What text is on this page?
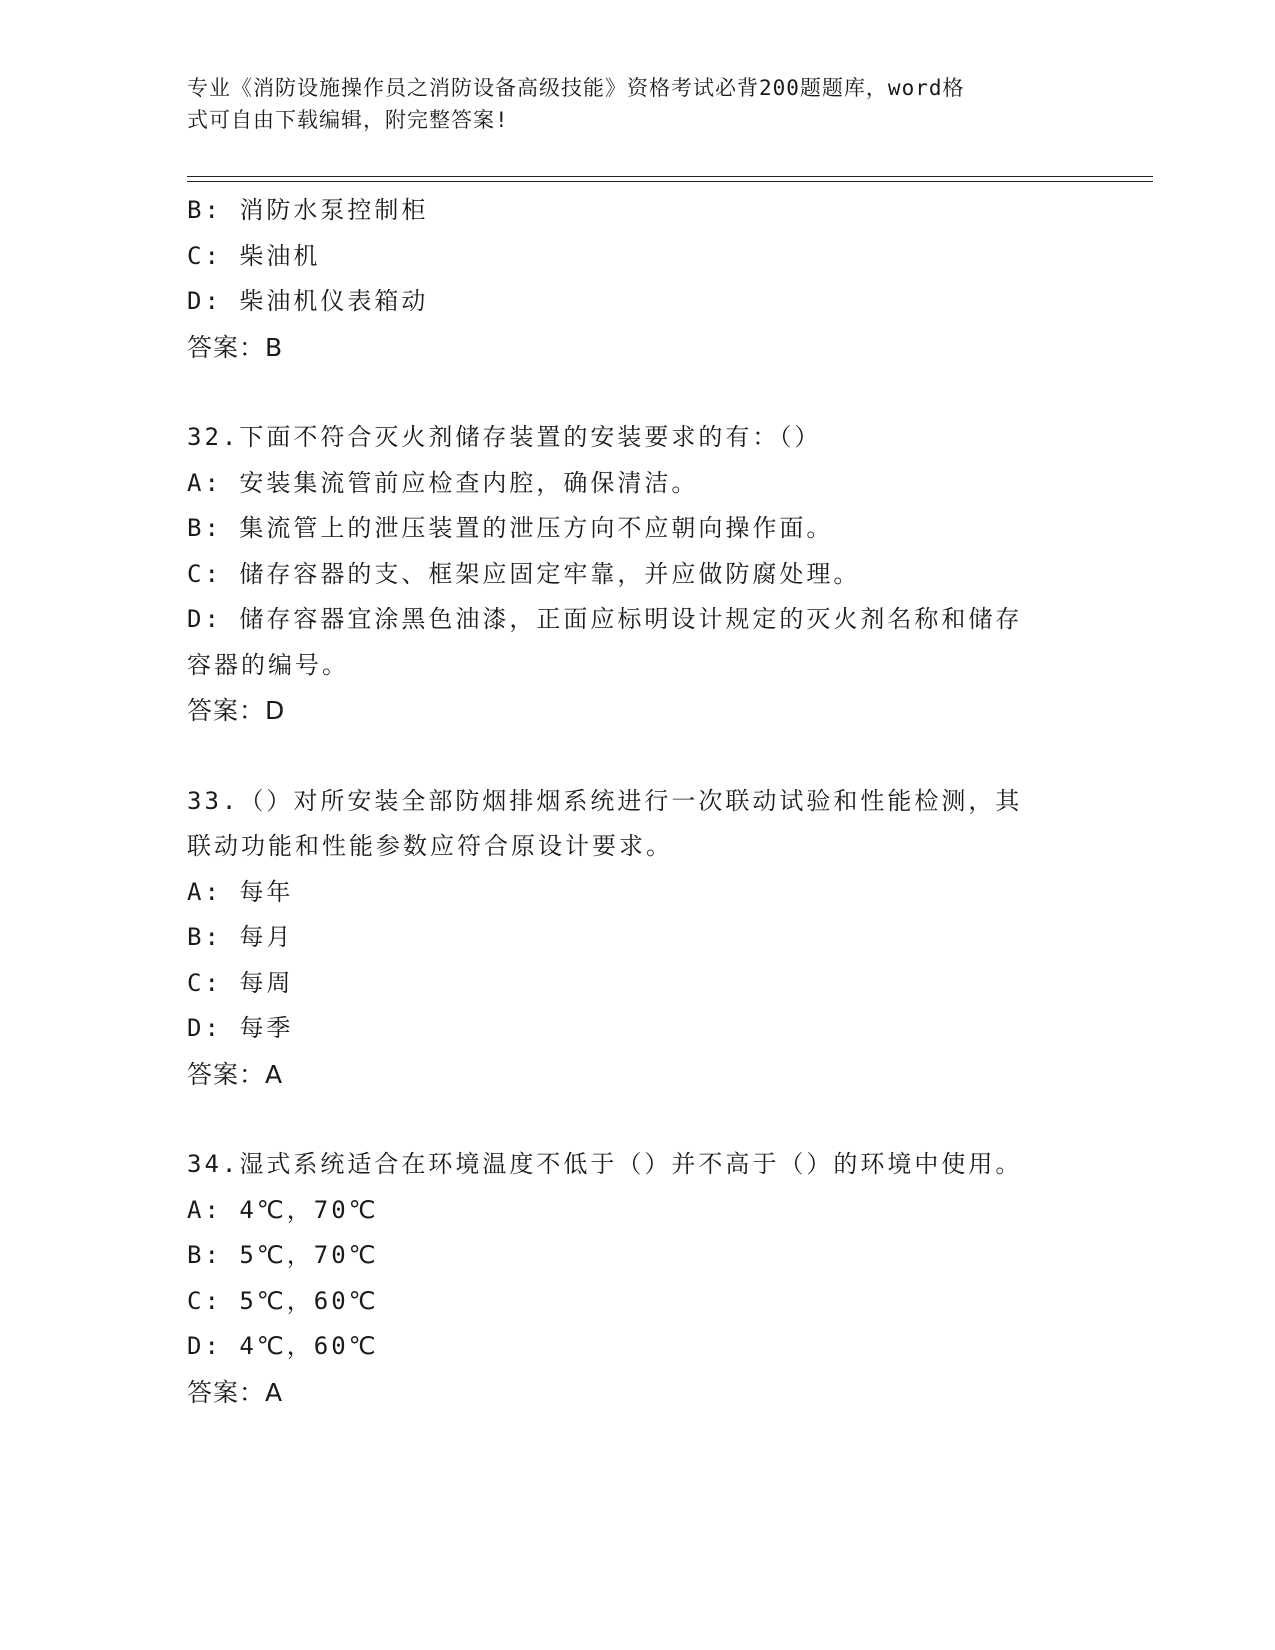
专业《消防设施操作员之消防设备高级技能》资格考试必背200题题库，word格
式可自由下载编辑，附完整答案!
B: 消防水泵控制柜
C: 柴油机
D: 柴油机仪表箱动
答案：B
32.下面不符合灭火剂储存装置的安装要求的有：（）
A: 安装集流管前应检查内腔，确保清洁。
B: 集流管上的泄压装置的泄压方向不应朝向操作面。
C: 储存容器的支、框架应固定牢靠，并应做防腐处理。
D: 储存容器宜涂黑色油漆，正面应标明设计规定的灭火剂名称和储存
容器的编号。
答案：D
33.（）对所安装全部防烟排烟系统进行一次联动试验和性能检测，其
联动功能和性能参数应符合原设计要求。
A: 每年
B: 每月
C: 每周
D: 每季
答案：A
34.湿式系统适合在环境温度不低于（）并不高于（）的环境中使用。
A: 4℃，70℃
B: 5℃，70℃
C: 5℃，60℃
D: 4℃，60℃
答案：A
